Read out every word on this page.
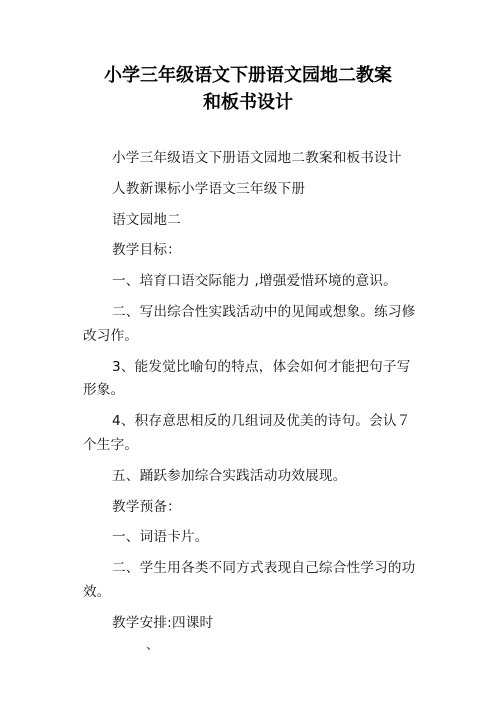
小学三年级语文下册语文园地二教案
和板书设计

小学三年级语文下册语文园地二教案和板书设计

人教新课标小学语文三年级下册

语文园地二

教学目标：

一、培育口语交际能力 ,增强爱惜环境的意识。

二、写出综合性实践活动中的见闻或想象。练习修改习作。

3、能发觉比喻句的特点，体会如何才能把句子写形象。

4、积存意思相反的几组词及优美的诗句。会认７个生字。

五、踊跃参加综合实践活动功效展现。

教学预备：

一、词语卡片。

二、学生用各类不同方式表现自己综合性学习的功效。

教学安排:四课时

、
